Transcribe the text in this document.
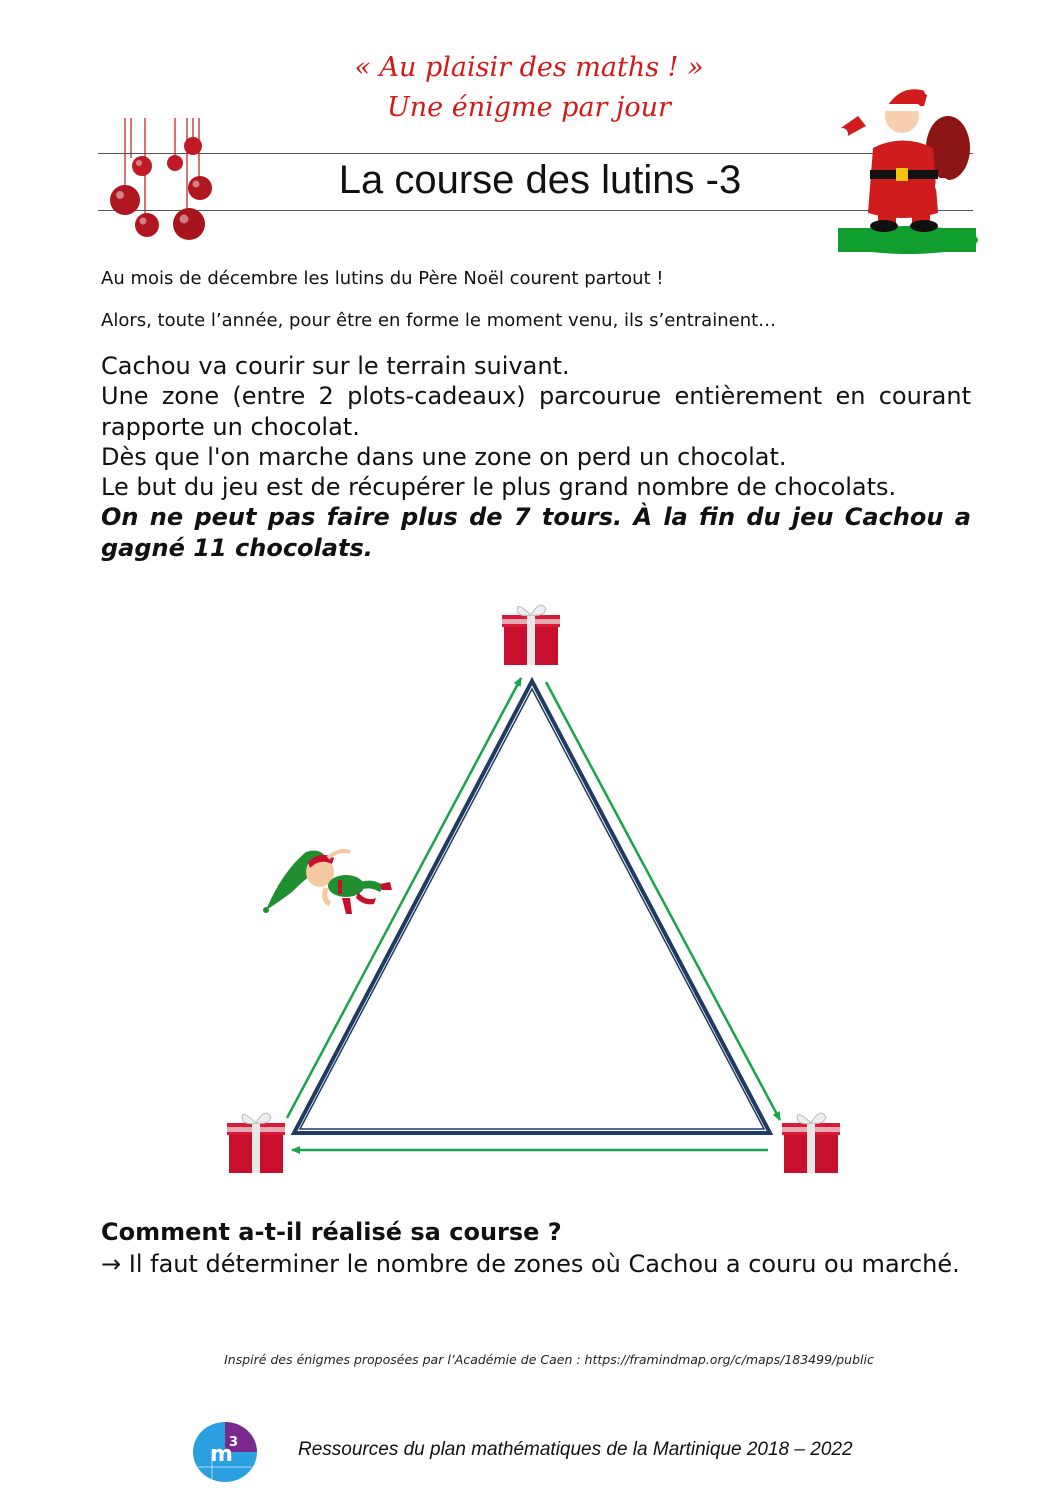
« Au plaisir des maths ! »
Une énigme par jour
La course des lutins -3
Au mois de décembre les lutins du Père Noël courent partout !
Alors, toute l’année, pour être en forme le moment venu, ils s’entrainent…

Cachou va courir sur le terrain suivant.

Une zone (entre 2 plots-cadeaux) parcourue entièrement en courant rapporte un chocolat.

Dès que l'on marche dans une zone on perd un chocolat.

Le but du jeu est de récupérer le plus grand nombre de chocolats.

On ne peut pas faire plus de 7 tours. À la fin du jeu Cachou a gagné 11 chocolats.

Comment a-t-il réalisé sa course ?
→ Il faut déterminer le nombre de zones où Cachou a couru ou marché.
Inspiré des énigmes proposées par l’Académie de Caen : https://framindmap.org/c/maps/183499/public
m
3	Ressources du plan mathématiques de la Martinique 2018 – 2022
